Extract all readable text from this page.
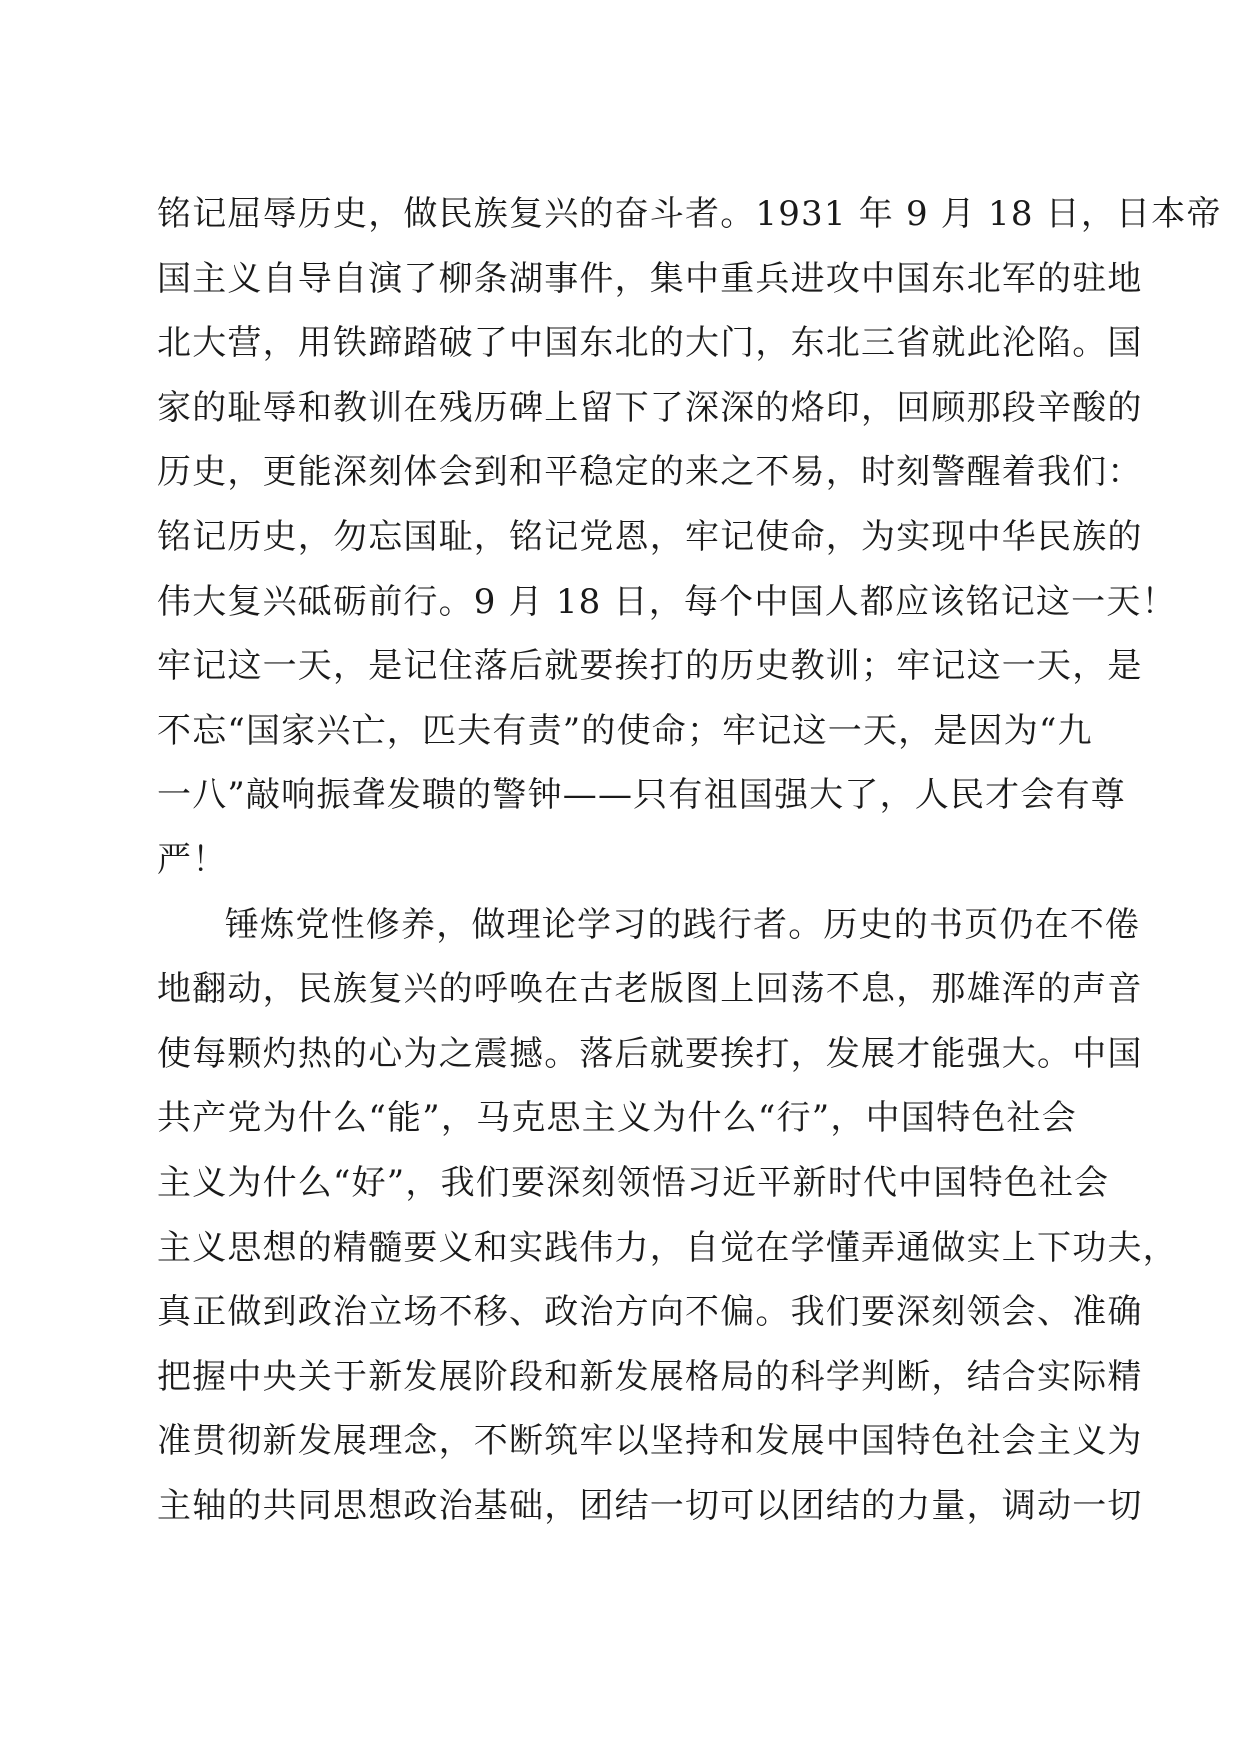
铭记屈辱历史，做民族复兴的奋斗者。1931 年 9 月 18 日，日本帝
国主义自导自演了柳条湖事件，集中重兵进攻中国东北军的驻地
北大营，用铁蹄踏破了中国东北的大门，东北三省就此沦陷。国
家的耻辱和教训在残历碑上留下了深深的烙印，回顾那段辛酸的
历史，更能深刻体会到和平稳定的来之不易，时刻警醒着我们：
铭记历史，勿忘国耻，铭记党恩，牢记使命，为实现中华民族的
伟大复兴砥砺前行。9 月 18 日，每个中国人都应该铭记这一天！
牢记这一天，是记住落后就要挨打的历史教训；牢记这一天，是
不忘“国家兴亡，匹夫有责”的使命；牢记这一天，是因为“九
一八”敲响振聋发聩的警钟——只有祖国强大了，人民才会有尊
严！
锤炼党性修养，做理论学习的践行者。历史的书页仍在不倦
地翻动，民族复兴的呼唤在古老版图上回荡不息，那雄浑的声音
使每颗灼热的心为之震撼。落后就要挨打，发展才能强大。中国
共产党为什么“能”，马克思主义为什么“行”，中国特色社会
主义为什么“好”，我们要深刻领悟习近平新时代中国特色社会
主义思想的精髓要义和实践伟力，自觉在学懂弄通做实上下功夫，
真正做到政治立场不移、政治方向不偏。我们要深刻领会、准确
把握中央关于新发展阶段和新发展格局的科学判断，结合实际精
准贯彻新发展理念，不断筑牢以坚持和发展中国特色社会主义为
主轴的共同思想政治基础，团结一切可以团结的力量，调动一切
